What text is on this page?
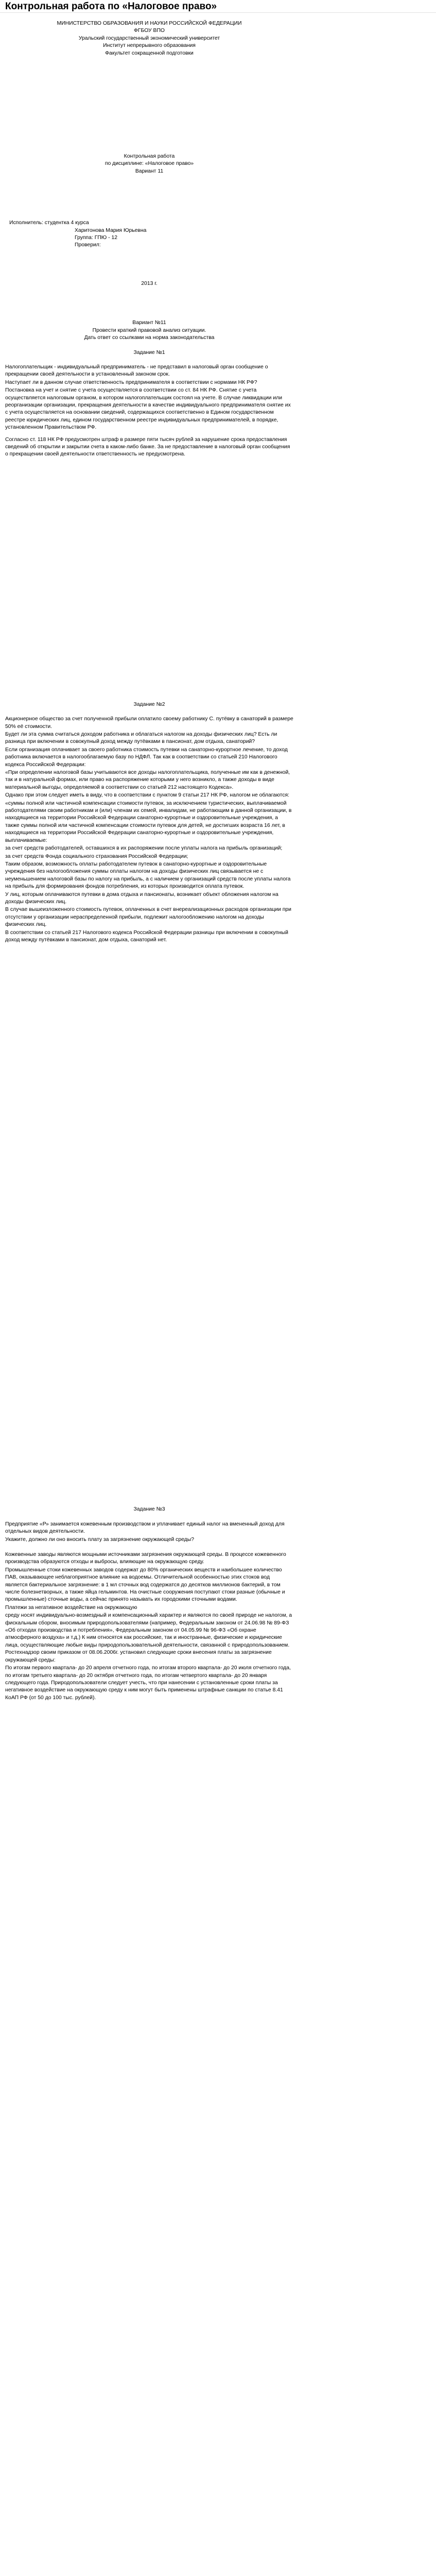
Контрольная работа по «Налоговое право»

МИНИСТЕРСТВО ОБРАЗОВАНИЯ И НАУКИ РОССИЙСКОЙ ФЕДЕРАЦИИ

ФГБОУ ВПО

Уральский государственный экономический университет

Институт непрерывного образования

Факультет сокращенной подготовки

Контрольная работа

по дисциплине: «Налоговое право»

Вариант 11

Исполнитель: студентка 4 курса

Харитонова Мария Юрьевна

Группа: ГПЮ - 12

Проверил:

2013 г.

Вариант №11

Провести краткий правовой анализ ситуации.

Дать ответ со ссылками на норма законодательства

Задание №1

Налогоплательщик - индивидуальный предприниматель - не представил в налоговый орган сообщение о прекращении своей деятельности в установленный законом срок.

Наступает ли в данном случае ответственность предпринимателя в соответствии с нормами НК РФ?

Постановка на учет и снятие с учета осуществляется в соответствии со ст. 84 НК РФ. Снятие с учета осуществляется налоговым органом, в котором налогоплательщик состоял на учете. В случае ликвидации или реорганизации организации, прекращения деятельности в качестве индивидуального предпринимателя снятие их с учета осуществляется на основании сведений, содержащихся соответственно в Едином государственном реестре юридических лиц, едином государственном реестре индивидуальных предпринимателей, в порядке, установленном Правительством РФ.

Согласно ст. 118 НК РФ предусмотрен штраф в размере пяти тысяч рублей за нарушение срока предоставления сведений об открытии и закрытии счета в каком-либо банке. За не предоставление в налоговый орган сообщения о прекращении своей деятельности ответственность не предусмотрена.

Задание №2

Акционерное общество за счет полученной прибыли оплатило своему работнику С. путёвку в санаторий в размере 50% её стоимости.

Будет ли эта сумма считаться доходом работника и облагаться налогом на доходы физических лиц? Есть ли разница при включении в совокупный доход между путёвками в пансионат, дом отдыха, санаторий?

Если организация оплачивает за своего работника стоимость путевки на санаторно-курортное лечение, то доход работника включается в налогооблагаемую базу по НДФЛ. Так как в соответствии со статьей 210 Налогового кодекса Российской Федерации:

«При определении налоговой базы учитываются все доходы налогоплательщика, полученные им как в денежной, так и в натуральной формах, или право на распоряжение которыми у него возникло, а также доходы в виде материальной выгоды, определяемой в соответствии со статьей 212 настоящего Кодекса».

Однако при этом следует иметь в виду, что в соответствии с пунктом 9 статьи 217 НК РФ, налогом не облагаются:

«суммы полной или частичной компенсации стоимости путевок, за исключением туристических, выплачиваемой работодателями своим работникам и (или) членам их семей, инвалидам, не работающим в данной организации, в находящиеся на территории Российской Федерации санаторно-курортные и оздоровительные учреждения, а также суммы полной или частичной компенсации стоимости путевок для детей, не достигших возраста 16 лет, в находящиеся на территории Российской Федерации санаторно-курортные и оздоровительные учреждения, выплачиваемые:

за счет средств работодателей, оставшихся в их распоряжении после уплаты налога на прибыль организаций;

за счет средств Фонда социального страхования Российской Федерации;

Таким образом, возможность оплаты работодателем путевок в санаторно-курортные и оздоровительные учреждения без налогообложения суммы оплаты налогом на доходы физических лиц связывается не с неуменьшением налоговой базы по налогу на прибыль, а с наличием у организаций средств после уплаты налога на прибыль для формирования фондов потребления, из которых производится оплата путевок.

У лиц, которым оплачиваются путевки в дома отдыха и пансионаты, возникает объект обложения налогом на доходы физических лиц.

В случае вышеизложенного стоимость путевок, оплаченных в счет внереализационных расходов организации при отсутствии у организации нераспределенной прибыли, подлежит налогообложению налогом на доходы физических лиц.

В соответствии со статьей 217 Налогового кодекса Российской Федерации разницы при включении в совокупный доход между путёвками в пансионат, дом отдыха, санаторий нет.

Задание №3

Предприятие «Р» занимается кожевенным производством и уплачивает единый налог на вмененный доход для отдельных видов деятельности.

Укажите, должно ли оно вносить плату за загрязнение окружающей среды?

Кожевенные заводы являются мощными источниками загрязнения окружающей среды. В процессе кожевенного производства образуются отходы и выбросы, влияющие на окружающую среду.

Промышленные стоки кожевенных заводов содержат до 80% органических веществ и наибольшее количество ПАВ, оказывающее неблагоприятное влияние на водоемы. Отличительной особенностью этих стоков вод является бактериальное загрязнение: в 1 мл сточных вод содержатся до десятков миллионов бактерий, в том числе болезнетворных, а также яйца гельминтов. На очистные сооружения поступают стоки разные (обычные и промышленные) сточные воды, а сейчас принято называть их городскими сточными водами.

Платежи за негативное воздействие на окружающую

среду носят индивидуально-возмездный и компенсационный характер и являются по своей природе не налогом, а фискальным сбором, вносимым природопользователями (например, Федеральным законом от 24.06.98 № 89-ФЗ «Об отходах производства и потребления», Федеральным законом от 04.05.99 № 96-ФЗ «Об охране атмосферного воздуха» и т.д.) К ним относятся как российские, так и иностранные, физические и юридические лица, осуществляющие любые виды природопользовательной деятельности, связанной с природопользованием. Ростехнадзор своим приказом от 08.06.2006г. установил следующие сроки внесения платы за загрязнение окружающей среды:

По итогам первого квартала- до 20 апреля отчетного года, по итогам второго квартала- до 20 июля отчетного года, по итогам третьего квартала- до 20 октября отчетного года, по итогам четвертого квартала- до 20 января следующего года. Природопользователи следует учесть, что при нанесении с установленные сроки платы за негативное воздействие на окружающую среду к ним могут быть применены штрафные санкции по статье 8.41 КоАП РФ (от 50 до 100 тыс. рублей).
